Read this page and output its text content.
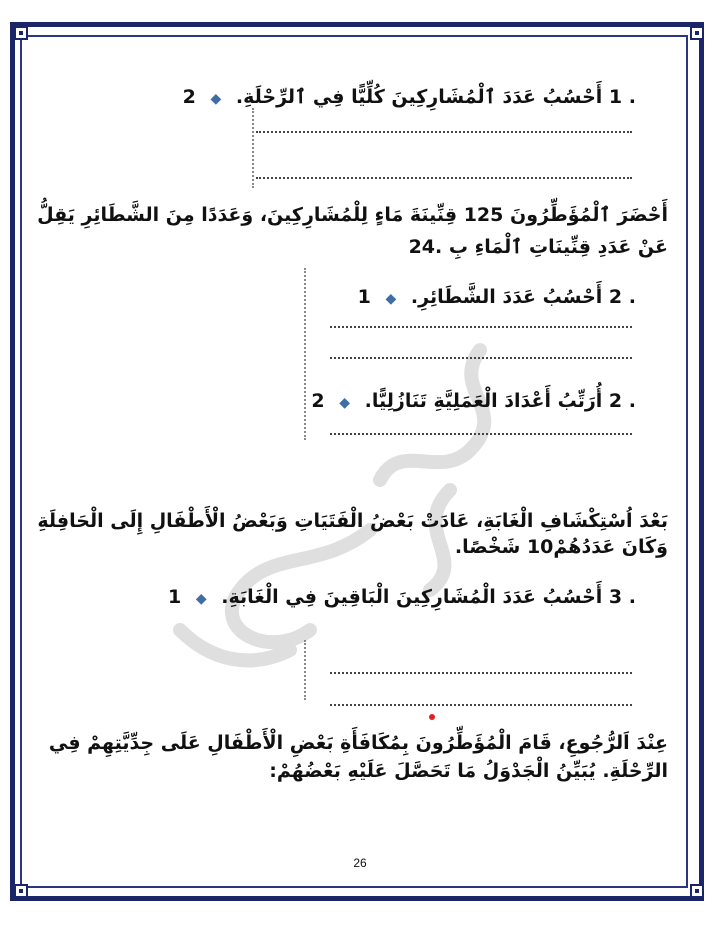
. 1 أَحْسُبُ عَدَدَ ٱلْمُشَارِكِينَ كُلِّيًّا فِي ٱلرِّحْلَةِ. ◆ 2
أَحْضَرَ ٱلْمُؤَطِّرُونَ 125 قِنِّينَةَ مَاءٍ لِلْمُشَارِكِينَ، وَعَدَدًا مِنَ الشَّطَائِرِ يَقِلُّ
عَنْ عَدَدِ قِنِّينَاتِ ٱلْمَاءِ بِ .24
. 2 أَحْسُبُ عَدَدَ الشَّطَائِرِ. ◆ 1
. 2 أُرَتِّبُ أَعْدَادَ الْعَمَلِيَّةِ تَنَازُلِيًّا. ◆ 2
بَعْدَ اُسْتِكْشَافِ الْغَابَةِ، عَادَتْ بَعْضُ الْفَتَيَاتِ وَبَعْضُ الْأَطْفَالِ إِلَى الْحَافِلَةِ
وَكَانَ عَدَدُهُمْ10 شَخْصًا.
. 3 أَحْسُبُ عَدَدَ الْمُشَارِكِينَ الْبَاقِينَ فِي الْغَابَةِ. ◆ 1
عِنْدَ اَلرُّجُوعِ، قَامَ الْمُؤَطِّرُونَ بِمُكَافَأَةِ بَعْضِ الْأَطْفَالِ عَلَى جِدِّيَّتِهِمْ فِي
الرِّحْلَةِ. يُبَيِّنُ الْجَدْوَلُ مَا تَحَصَّلَ عَلَيْهِ بَعْضُهُمْ:
26
